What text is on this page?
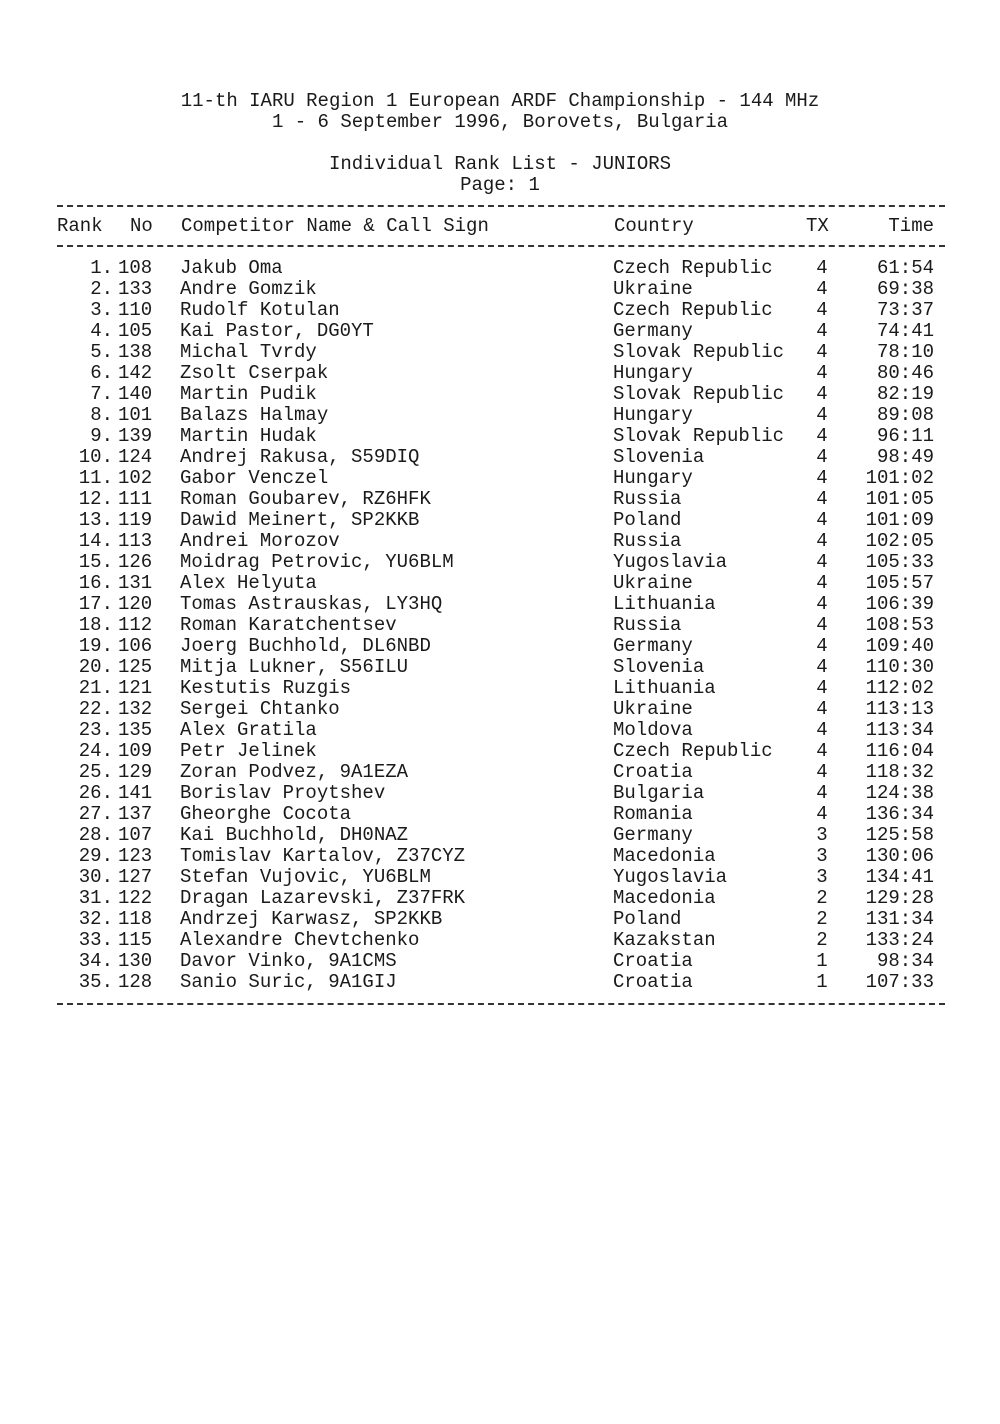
11-th IARU Region 1 European ARDF Championship - 144 MHz
1 - 6 September 1996, Borovets, Bulgaria
Individual Rank List - JUNIORS
Page: 1
Rank No Competitor Name & Call Sign	Country	TX	Time
1. 108 Jakub Oma	Czech Republic 4	61:54
2. 133 Andre Gomzik	Ukraine	4	69:38
3. 110 Rudolf Kotulan	Czech Republic 4	73:37
4. 105 Kai Pastor, DG0YT	Germany	4	74:41
5. 138 Michal Tvrdy	Slovak Republic 4	78:10
6. 142 Zsolt Cserpak	Hungary	4	80:46
7. 140 Martin Pudik	Slovak Republic 4	82:19
8. 101 Balazs Halmay	Hungary	4	89:08
9. 139 Martin Hudak	Slovak Republic 4	96:11
10. 124 Andrej Rakusa, S59DIQ	Slovenia	4	98:49
11. 102 Gabor Venczel	Hungary	4 101:02
12. 111 Roman Goubarev, RZ6HFK	Russia	4 101:05
13. 119 Dawid Meinert, SP2KKB	Poland	4 101:09
14. 113 Andrei Morozov	Russia	4 102:05
15. 126 Moidrag Petrovic, YU6BLM	Yugoslavia	4 105:33
16. 131 Alex Helyuta	Ukraine	4 105:57
17. 120 Tomas Astrauskas, LY3HQ	Lithuania	4 106:39
18. 112 Roman Karatchentsev	Russia	4 108:53
19. 106 Joerg Buchhold, DL6NBD	Germany	4 109:40
20. 125 Mitja Lukner, S56ILU	Slovenia	4 110:30
21. 121 Kestutis Ruzgis	Lithuania	4 112:02
22. 132 Sergei Chtanko	Ukraine	4 113:13
23. 135 Alex Gratila	Moldova	4 113:34
24. 109 Petr Jelinek	Czech Republic 4 116:04
25. 129 Zoran Podvez, 9A1EZA	Croatia	4 118:32
26. 141 Borislav Proytshev	Bulgaria	4 124:38
27. 137 Gheorghe Cocota	Romania	4 136:34
28. 107 Kai Buchhold, DH0NAZ	Germany	3 125:58
29. 123 Tomislav Kartalov, Z37CYZ	Macedonia	3 130:06
30. 127 Stefan Vujovic, YU6BLM	Yugoslavia	3 134:41
31. 122 Dragan Lazarevski, Z37FRK	Macedonia	2 129:28
32. 118 Andrzej Karwasz, SP2KKB	Poland	2 131:34
33. 115 Alexandre Chevtchenko	Kazakstan	2 133:24
34. 130 Davor Vinko, 9A1CMS	Croatia	1	98:34
35. 128 Sanio Suric, 9A1GIJ	Croatia	1 107:33
